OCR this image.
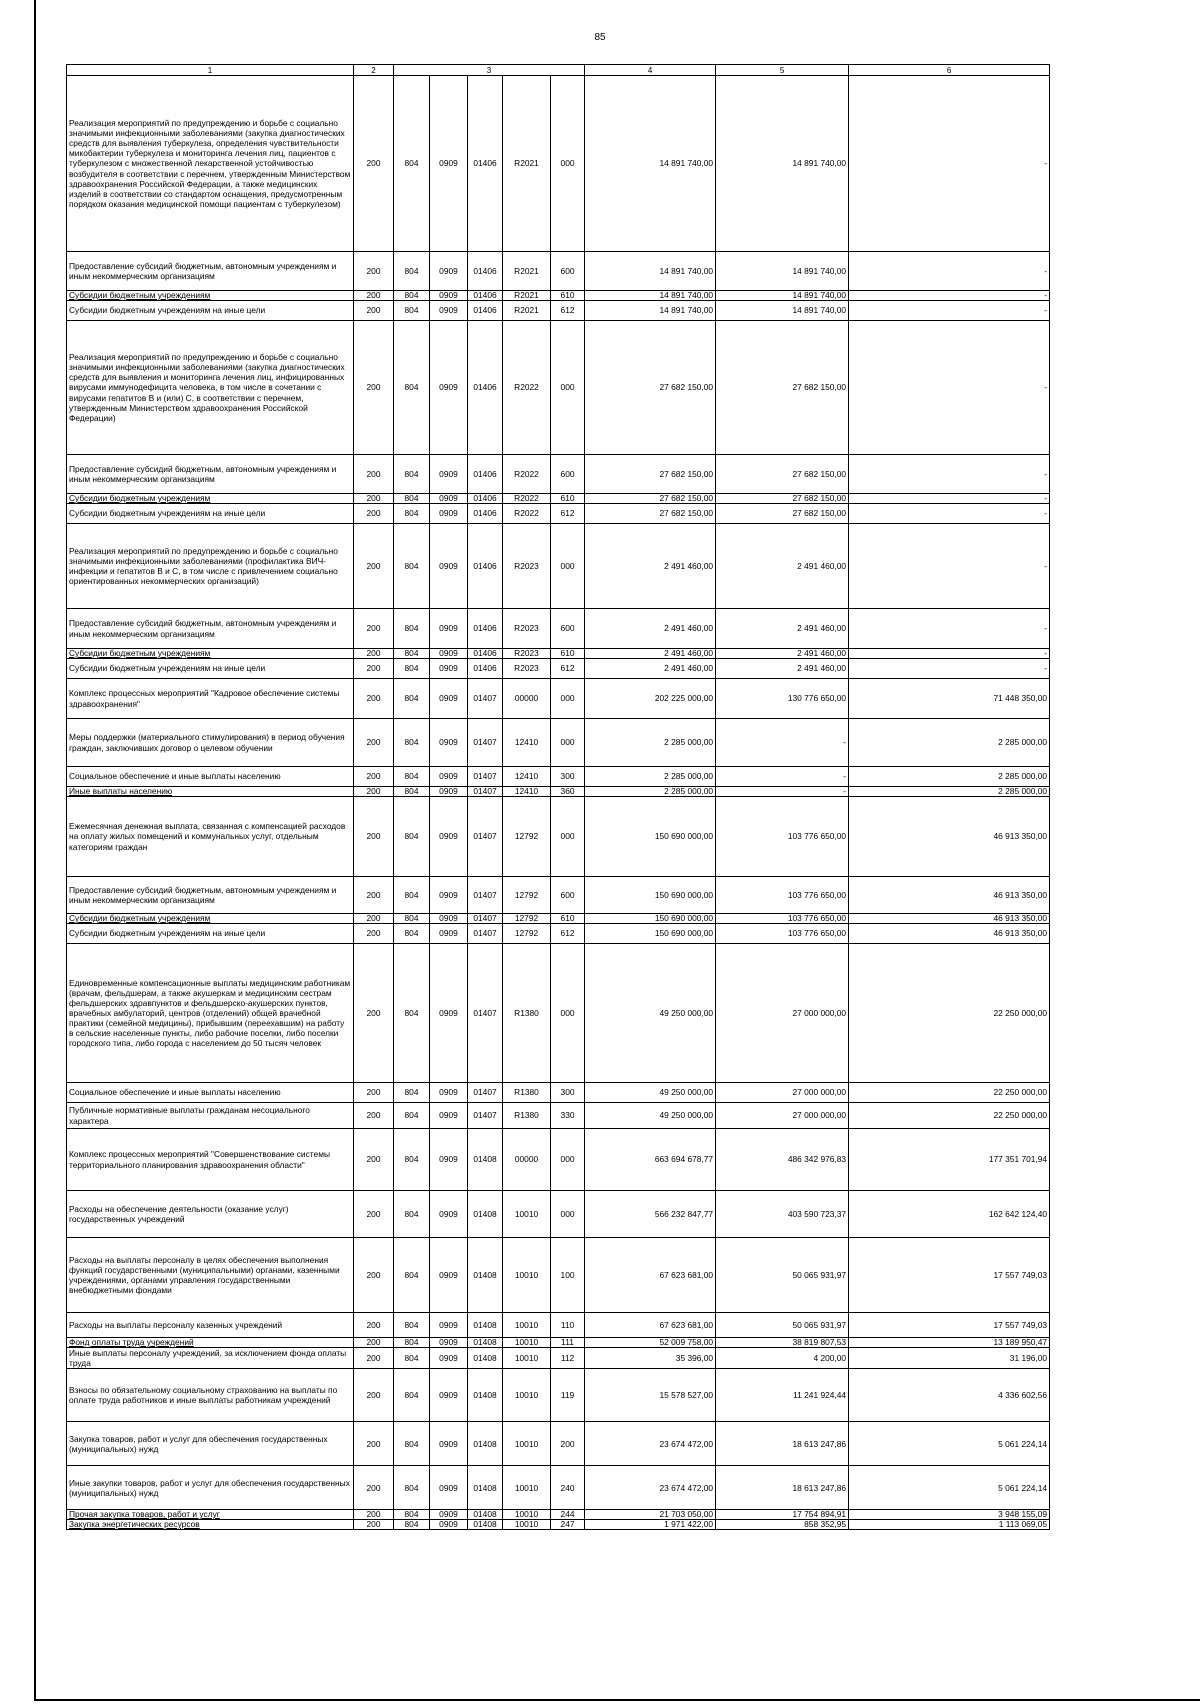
85
1	2	3					4	5	6
Реализация мероприятий по предупреждению и борьбе с социально значимыми инфекционными заболеваниями (закупка диагностических средств для выявления туберкулеза, определения чувствительности микобактерии туберкулеза и мониторинга лечения лиц, пациентов с туберкулезом с множественной лекарственной устойчивостью возбудителя в соответствии с перечнем, утвержденным Министерством здравоохранения Российской Федерации, а также медицинских изделий в соответствии со стандартом оснащения, предусмотренным порядком оказания медицинской помощи пациентам с туберкулезом)	200	804	0909	01406	R2021	000	14 891 740,00	14 891 740,00	-
Предоставление субсидий бюджетным, автономным учреждениям и иным некоммерческим организациям	200	804	0909	01406	R2021	600	14 891 740,00	14 891 740,00	-
Субсидии бюджетным учреждениям	200	804	0909	01406	R2021	610	14 891 740,00	14 891 740,00	-
Субсидии бюджетным учреждениям на иные цели	200	804	0909	01406	R2021	612	14 891 740,00	14 891 740,00	-
Реализация мероприятий по предупреждению и борьбе с социально значимыми инфекционными заболеваниями (закупка диагностических средств для выявления и мониторинга лечения лиц, инфицированных вирусами иммунодефицита человека, в том числе в сочетании с вирусами гепатитов В и (или) С, в соответствии с перечнем, утвержденным Министерством здравоохранения Российской Федерации)	200	804	0909	01406	R2022	000	27 682 150,00	27 682 150,00	-
Предоставление субсидий бюджетным, автономным учреждениям и иным некоммерческим организациям	200	804	0909	01406	R2022	600	27 682 150,00	27 682 150,00	-
Субсидии бюджетным учреждениям	200	804	0909	01406	R2022	610	27 682 150,00	27 682 150,00	-
Субсидии бюджетным учреждениям на иные цели	200	804	0909	01406	R2022	612	27 682 150,00	27 682 150,00	-
Реализация мероприятий по предупреждению и борьбе с социально значимыми инфекционными заболеваниями (профилактика ВИЧ-инфекции и гепатитов В и С, в том числе с привлечением социально ориентированных некоммерческих организаций)	200	804	0909	01406	R2023	000	2 491 460,00	2 491 460,00	-
Предоставление субсидий бюджетным, автономным учреждениям и иным некоммерческим организациям	200	804	0909	01406	R2023	600	2 491 460,00	2 491 460,00	-
Субсидии бюджетным учреждениям	200	804	0909	01406	R2023	610	2 491 460,00	2 491 460,00	-
Субсидии бюджетным учреждениям на иные цели	200	804	0909	01406	R2023	612	2 491 460,00	2 491 460,00	-
Комплекс процессных мероприятий "Кадровое обеспечение системы здравоохранения"	200	804	0909	01407	00000	000	202 225 000,00	130 776 650,00	71 448 350,00
Меры поддержки (материального стимулирования) в период обучения граждан, заключивших договор о целевом обучении	200	804	0909	01407	12410	000	2 285 000,00	-	2 285 000,00
Социальное обеспечение и иные выплаты населению	200	804	0909	01407	12410	300	2 285 000,00	-	2 285 000,00
Иные выплаты населению	200	804	0909	01407	12410	360	2 285 000,00	-	2 285 000,00
Ежемесячная денежная выплата, связанная с компенсацией расходов на оплату жилых помещений и коммунальных услуг, отдельным категориям граждан	200	804	0909	01407	12792	000	150 690 000,00	103 776 650,00	46 913 350,00
Предоставление субсидий бюджетным, автономным учреждениям и иным некоммерческим организациям	200	804	0909	01407	12792	600	150 690 000,00	103 776 650,00	46 913 350,00
Субсидии бюджетным учреждениям	200	804	0909	01407	12792	610	150 690 000,00	103 776 650,00	46 913 350,00
Субсидии бюджетным учреждениям на иные цели	200	804	0909	01407	12792	612	150 690 000,00	103 776 650,00	46 913 350,00
Единовременные компенсационные выплаты медицинским работникам (врачам, фельдшерам, а также акушеркам и медицинским сестрам фельдшерских здравпунктов и фельдшерско-акушерских пунктов, врачебных амбулаторий, центров (отделений) общей врачебной практики (семейной медицины), прибывшим (переехавшим) на работу в сельские населенные пункты, либо рабочие поселки, либо поселки городского типа, либо города с населением до 50 тысяч человек	200	804	0909	01407	R1380	000	49 250 000,00	27 000 000,00	22 250 000,00
Социальное обеспечение и иные выплаты населению	200	804	0909	01407	R1380	300	49 250 000,00	27 000 000,00	22 250 000,00
Публичные нормативные выплаты гражданам несоциального характера	200	804	0909	01407	R1380	330	49 250 000,00	27 000 000,00	22 250 000,00
Комплекс процессных мероприятий "Совершенствование системы территориального планирования здравоохранения области"	200	804	0909	01408	00000	000	663 694 678,77	486 342 976,83	177 351 701,94
Расходы на обеспечение деятельности (оказание услуг) государственных учреждений	200	804	0909	01408	10010	000	566 232 847,77	403 590 723,37	162 642 124,40
Расходы на выплаты персоналу в целях обеспечения выполнения функций государственными (муниципальными) органами, казенными учреждениями, органами управления государственными внебюджетными фондами	200	804	0909	01408	10010	100	67 623 681,00	50 065 931,97	17 557 749,03
Расходы на выплаты персоналу казенных учреждений	200	804	0909	01408	10010	110	67 623 681,00	50 065 931,97	17 557 749,03
Фонд оплаты труда учреждений	200	804	0909	01408	10010	111	52 009 758,00	38 819 807,53	13 189 950,47
Иные выплаты персоналу учреждений, за исключением фонда оплаты труда	200	804	0909	01408	10010	112	35 396,00	4 200,00	31 196,00
Взносы по обязательному социальному страхованию на выплаты по оплате труда работников и иные выплаты работникам учреждений	200	804	0909	01408	10010	119	15 578 527,00	11 241 924,44	4 336 602,56
Закупка товаров, работ и услуг для обеспечения государственных (муниципальных) нужд	200	804	0909	01408	10010	200	23 674 472,00	18 613 247,86	5 061 224,14
Иные закупки товаров, работ и услуг для обеспечения государственных (муниципальных) нужд	200	804	0909	01408	10010	240	23 674 472,00	18 613 247,86	5 061 224,14
Прочая закупка товаров, работ и услуг	200	804	0909	01408	10010	244	21 703 050,00	17 754 894,91	3 948 155,09
Закупка энергетических ресурсов	200	804	0909	01408	10010	247	1 971 422,00	858 352,95	1 113 069,05
